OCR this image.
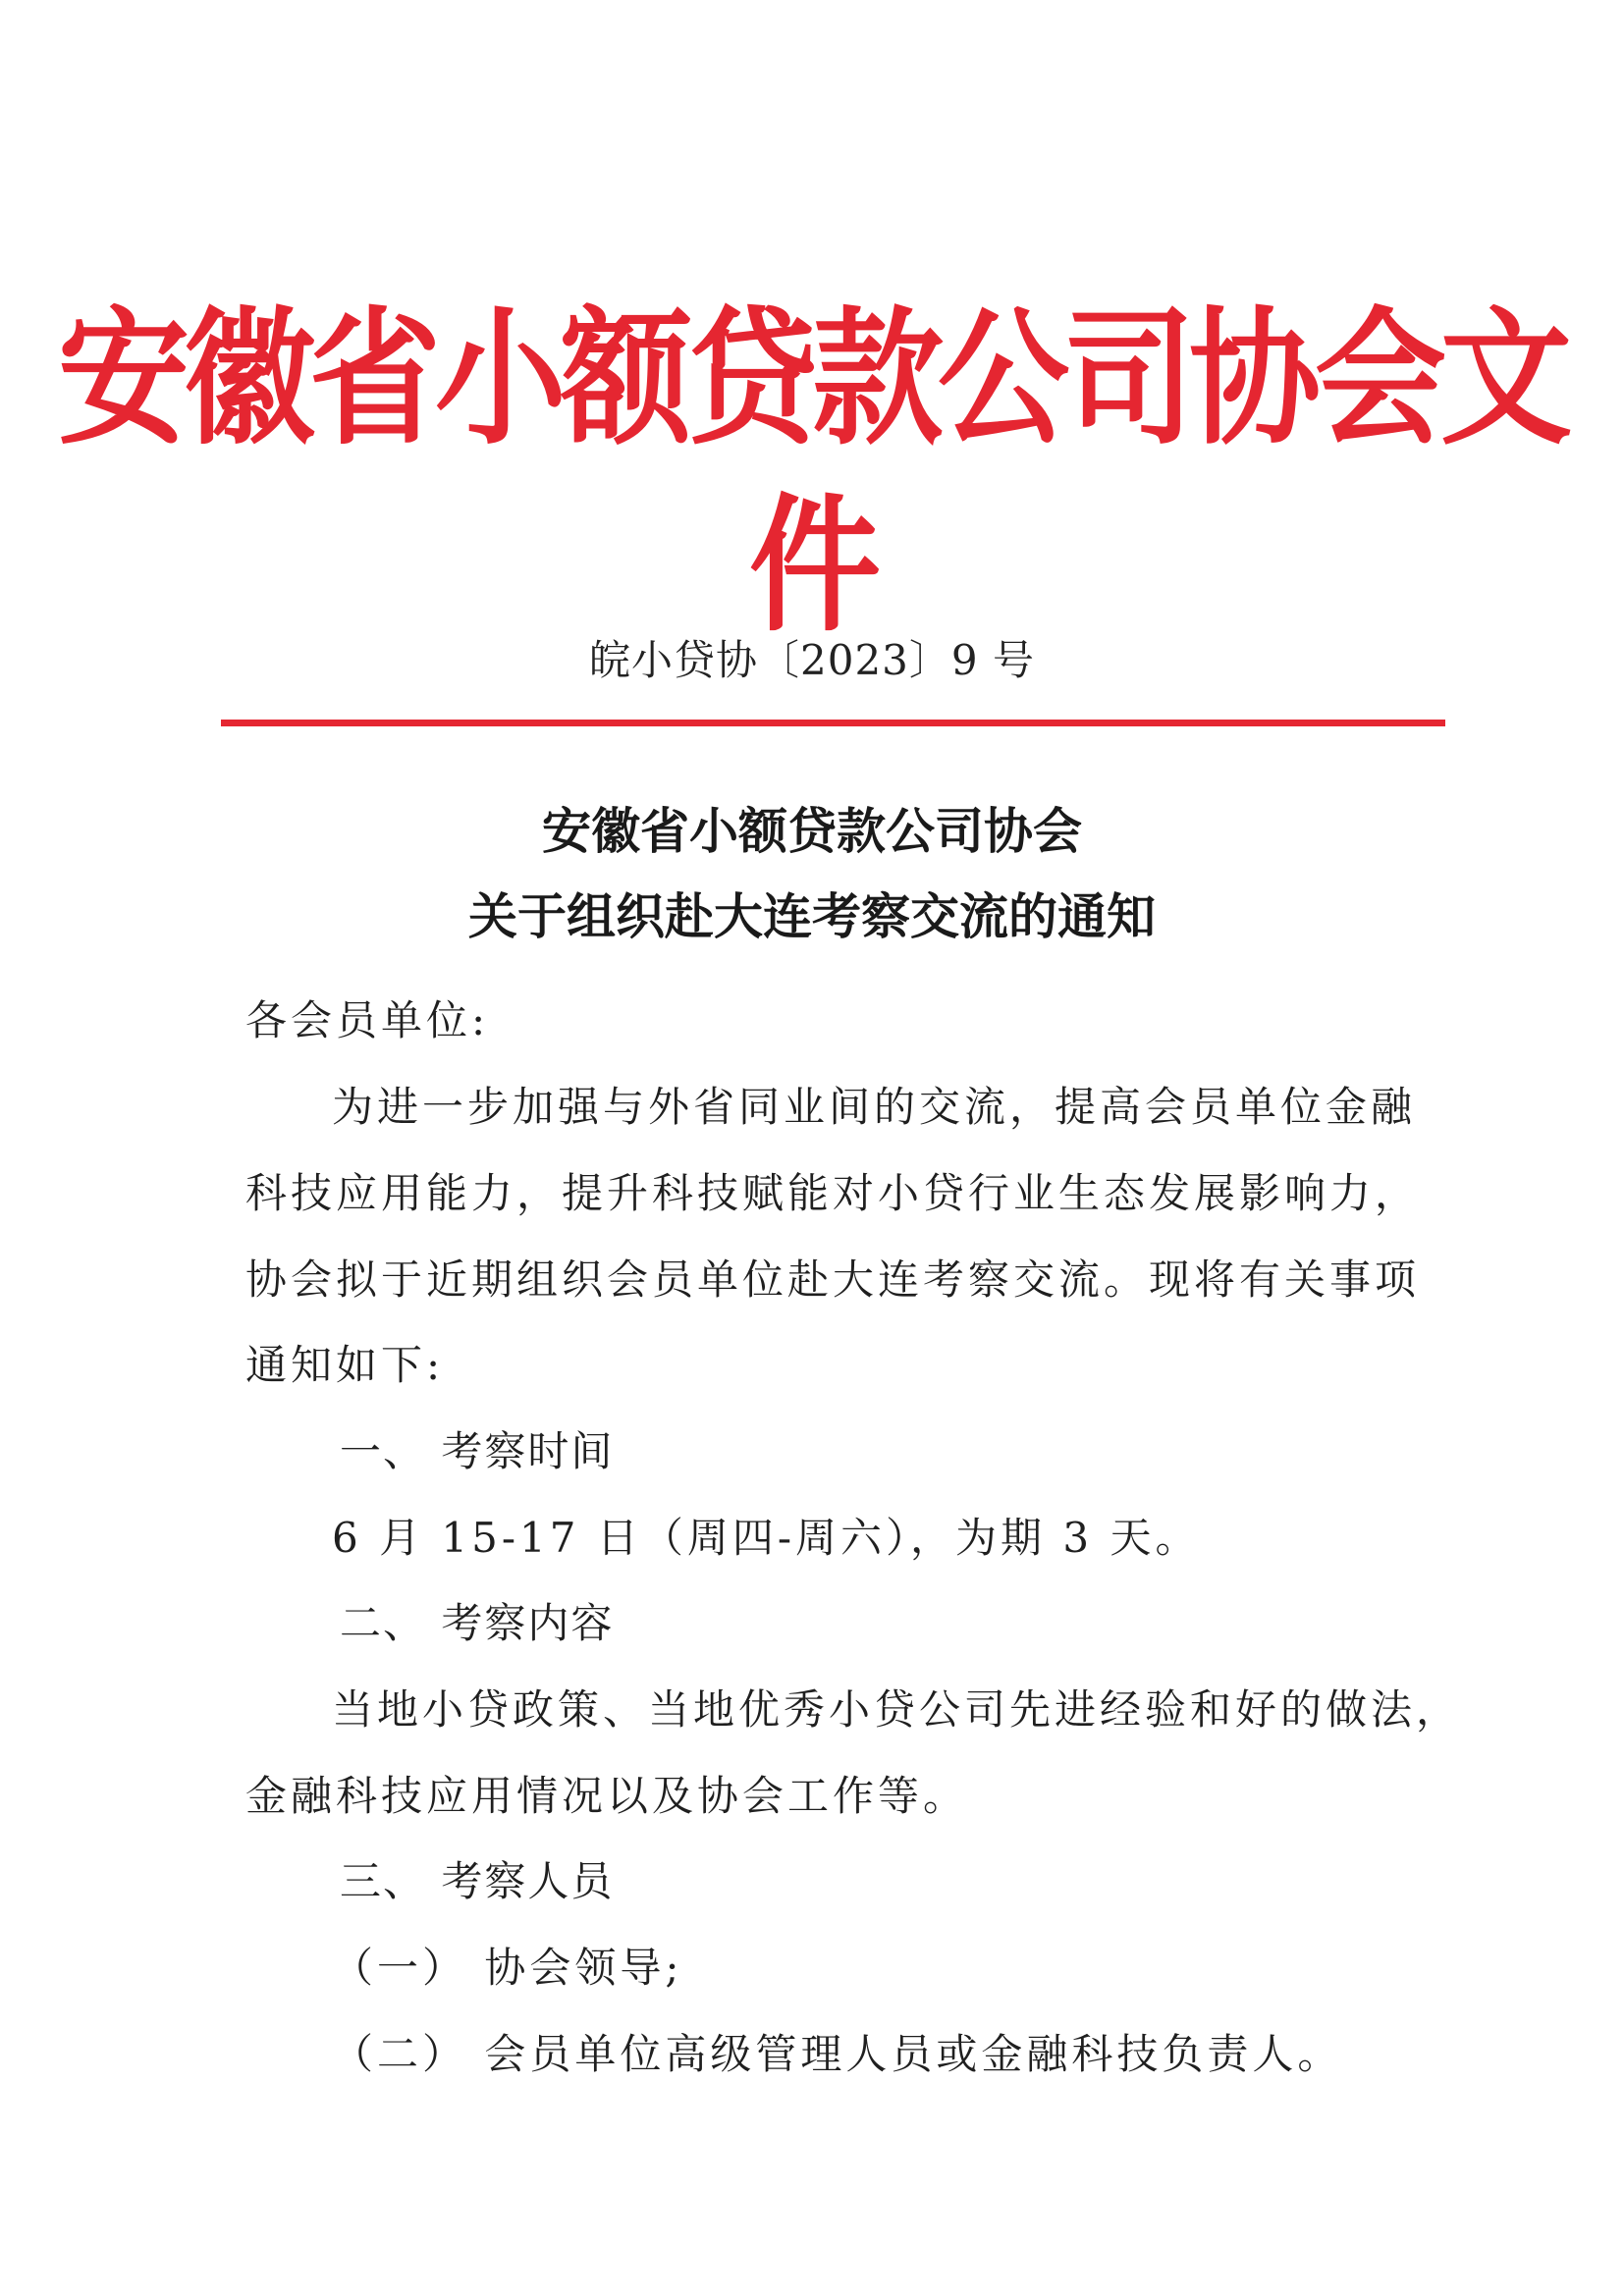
安徽省小额贷款公司协会文件
皖小贷协〔2023〕9 号
安徽省小额贷款公司协会
关于组织赴大连考察交流的通知
各会员单位:
为进一步加强与外省同业间的交流，提高会员单位金融
科技应用能力，提升科技赋能对小贷行业生态发展影响力，
协会拟于近期组织会员单位赴大连考察交流。现将有关事项
通知如下:
一、 考察时间
6 月 15-17 日（周四-周六），为期 3 天。
二、 考察内容
当地小贷政策、当地优秀小贷公司先进经验和好的做法，
金融科技应用情况以及协会工作等。
三、 考察人员
（一） 协会领导;
（二） 会员单位高级管理人员或金融科技负责人。
